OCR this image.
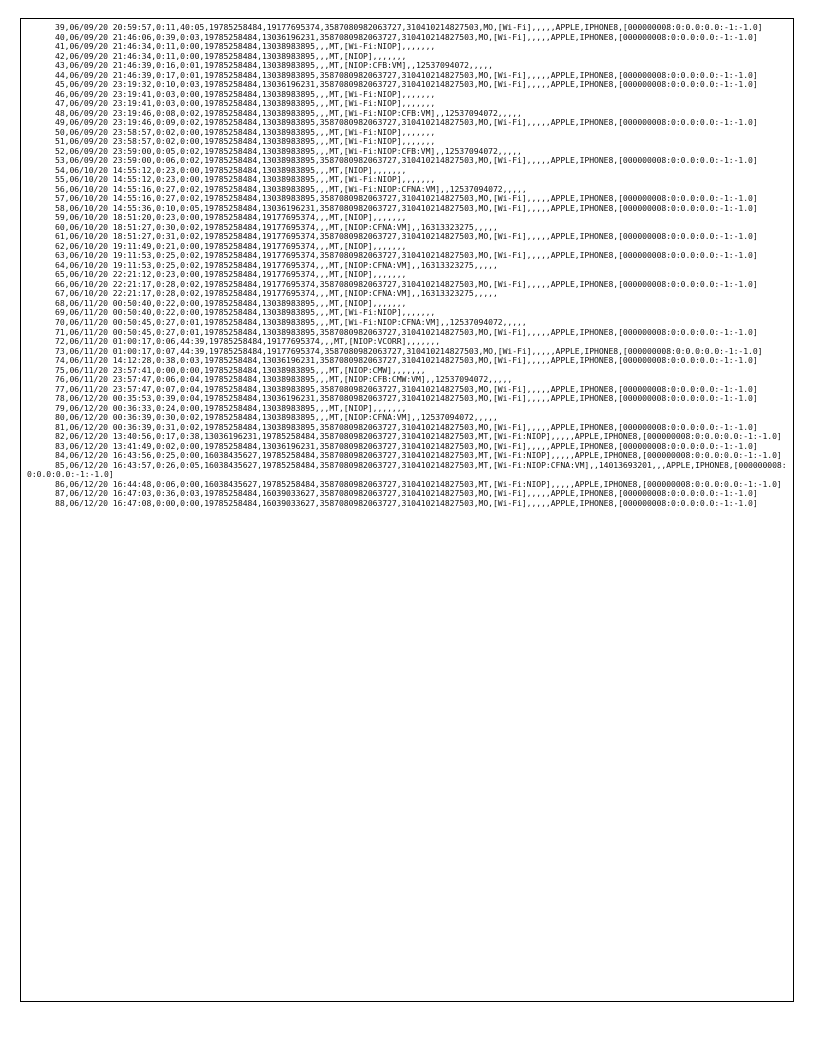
39,06/09/20 20:59:57,0:11,40:05,19785258484,19177695374,3587080982063727,310410214827503,MO,[Wi-Fi],,,,,APPLE,IPHONE8,[000000008:0:0.0:0.0:-1:-1.0]
40,06/09/20 21:46:06,0:39,0:03,19785258484,13036196231,3587080982063727,310410214827503,MO,[Wi-Fi],,,,,APPLE,IPHONE8,[000000008:0:0.0:0.0:-1:-1.0]
41,06/09/20 21:46:34,0:11,0:00,19785258484,13038983895,,,MT,[Wi-Fi:NIOP],,,,,,,
42,06/09/20 21:46:34,0:11,0:00,19785258484,13038983895,,,MT,[NIOP],,,,,,,
43,06/09/20 21:46:39,0:16,0:01,19785258484,13038983895,,,MT,[NIOP:CFB:VM],,12537094072,,,,,
44,06/09/20 21:46:39,0:17,0:01,19785258484,13038983895,3587080982063727,310410214827503,MO,[Wi-Fi],,,,,APPLE,IPHONE8,[000000008:0:0.0:0.0:-1:-1.0]
45,06/09/20 23:19:32,0:10,0:03,19785258484,13036196231,3587080982063727,310410214827503,MO,[Wi-Fi],,,,,APPLE,IPHONE8,[000000008:0:0.0:0.0:-1:-1.0]
46,06/09/20 23:19:41,0:03,0:00,19785258484,13038983895,,,MT,[Wi-Fi:NIOP],,,,,,,
47,06/09/20 23:19:41,0:03,0:00,19785258484,13038983895,,,MT,[Wi-Fi:NIOP],,,,,,,
48,06/09/20 23:19:46,0:08,0:02,19785258484,13038983895,,,MT,[Wi-Fi:NIOP:CFB:VM],,12537094072,,,,,
49,06/09/20 23:19:46,0:09,0:02,19785258484,13038983895,3587080982063727,310410214827503,MO,[Wi-Fi],,,,,APPLE,IPHONE8,[000000008:0:0.0:0.0:-1:-1.0]
50,06/09/20 23:58:57,0:02,0:00,19785258484,13038983895,,,MT,[Wi-Fi:NIOP],,,,,,,
51,06/09/20 23:58:57,0:02,0:00,19785258484,13038983895,,,MT,[Wi-Fi:NIOP],,,,,,,
52,06/09/20 23:59:00,0:05,0:02,19785258484,13038983895,,,MT,[Wi-Fi:NIOP:CFB:VM],,12537094072,,,,,
53,06/09/20 23:59:00,0:06,0:02,19785258484,13038983895,3587080982063727,310410214827503,MO,[Wi-Fi],,,,,APPLE,IPHONE8,[000000008:0:0.0:0.0:-1:-1.0]
54,06/10/20 14:55:12,0:23,0:00,19785258484,13038983895,,,MT,[NIOP],,,,,,,
55,06/10/20 14:55:12,0:23,0:00,19785258484,13038983895,,,MT,[Wi-Fi:NIOP],,,,,,,
56,06/10/20 14:55:16,0:27,0:02,19785258484,13038983895,,,MT,[Wi-Fi:NIOP:CFNA:VM],,12537094072,,,,,
57,06/10/20 14:55:16,0:27,0:02,19785258484,13038983895,3587080982063727,310410214827503,MO,[Wi-Fi],,,,,APPLE,IPHONE8,[000000008:0:0.0:0.0:-1:-1.0]
58,06/10/20 14:55:36,0:10,0:05,19785258484,13036196231,3587080982063727,310410214827503,MO,[Wi-Fi],,,,,APPLE,IPHONE8,[000000008:0:0.0:0.0:-1:-1.0]
59,06/10/20 18:51:20,0:23,0:00,19785258484,19177695374,,,MT,[NIOP],,,,,,,
60,06/10/20 18:51:27,0:30,0:02,19785258484,19177695374,,,MT,[NIOP:CFNA:VM],,16313323275,,,,,
61,06/10/20 18:51:27,0:31,0:02,19785258484,19177695374,3587080982063727,310410214827503,MO,[Wi-Fi],,,,,APPLE,IPHONE8,[000000008:0:0.0:0.0:-1:-1.0]
62,06/10/20 19:11:49,0:21,0:00,19785258484,19177695374,,,MT,[NIOP],,,,,,,
63,06/10/20 19:11:53,0:25,0:02,19785258484,19177695374,3587080982063727,310410214827503,MO,[Wi-Fi],,,,,APPLE,IPHONE8,[000000008:0:0.0:0.0:-1:-1.0]
64,06/10/20 19:11:53,0:25,0:02,19785258484,19177695374,,,MT,[NIOP:CFNA:VM],,16313323275,,,,,
65,06/10/20 22:21:12,0:23,0:00,19785258484,19177695374,,,MT,[NIOP],,,,,,,
66,06/10/20 22:21:17,0:28,0:02,19785258484,19177695374,3587080982063727,310410214827503,MO,[Wi-Fi],,,,,APPLE,IPHONE8,[000000008:0:0.0:0.0:-1:-1.0]
67,06/10/20 22:21:17,0:28,0:02,19785258484,19177695374,,,MT,[NIOP:CFNA:VM],,16313323275,,,,,
68,06/11/20 00:50:40,0:22,0:00,19785258484,13038983895,,,MT,[NIOP],,,,,,,
69,06/11/20 00:50:40,0:22,0:00,19785258484,13038983895,,,MT,[Wi-Fi:NIOP],,,,,,,
70,06/11/20 00:50:45,0:27,0:01,19785258484,13038983895,,,MT,[Wi-Fi:NIOP:CFNA:VM],,12537094072,,,,,
71,06/11/20 00:50:45,0:27,0:01,19785258484,13038983895,3587080982063727,310410214827503,MO,[Wi-Fi],,,,,APPLE,IPHONE8,[000000008:0:0.0:0.0:-1:-1.0]
72,06/11/20 01:00:17,0:06,44:39,19785258484,19177695374,,,MT,[NIOP:VCORR],,,,,,,
73,06/11/20 01:00:17,0:07,44:39,19785258484,19177695374,3587080982063727,310410214827503,MO,[Wi-Fi],,,,,APPLE,IPHONE8,[000000008:0:0.0:0.0:-1:-1.0]
74,06/11/20 14:12:28,0:38,0:03,19785258484,13036196231,3587080982063727,310410214827503,MO,[Wi-Fi],,,,,APPLE,IPHONE8,[000000008:0:0.0:0.0:-1:-1.0]
75,06/11/20 23:57:41,0:00,0:00,19785258484,13038983895,,,MT,[NIOP:CMW],,,,,,,
76,06/11/20 23:57:47,0:06,0:04,19785258484,13038983895,,,MT,[NIOP:CFB:CMW:VM],,12537094072,,,,,
77,06/11/20 23:57:47,0:07,0:04,19785258484,13038983895,3587080982063727,310410214827503,MO,[Wi-Fi],,,,,APPLE,IPHONE8,[000000008:0:0.0:0.0:-1:-1.0]
78,06/12/20 00:35:53,0:39,0:04,19785258484,13036196231,3587080982063727,310410214827503,MO,[Wi-Fi],,,,,APPLE,IPHONE8,[000000008:0:0.0:0.0:-1:-1.0]
79,06/12/20 00:36:33,0:24,0:00,19785258484,13038983895,,,MT,[NIOP],,,,,,,
80,06/12/20 00:36:39,0:30,0:02,19785258484,13038983895,,,MT,[NIOP:CFNA:VM],,12537094072,,,,,
81,06/12/20 00:36:39,0:31,0:02,19785258484,13038983895,3587080982063727,310410214827503,MO,[Wi-Fi],,,,,APPLE,IPHONE8,[000000008:0:0.0:0.0:-1:-1.0]
82,06/12/20 13:40:56,0:17,0:38,13036196231,19785258484,3587080982063727,310410214827503,MT,[Wi-Fi:NIOP],,,,,APPLE,IPHONE8,[000000008:0:0.0:0.0:-1:-1.0]
83,06/12/20 13:41:49,0:02,0:00,19785258484,13036196231,3587080982063727,310410214827503,MO,[Wi-Fi],,,,,APPLE,IPHONE8,[000000008:0:0.0:0.0:-1:-1.0]
84,06/12/20 16:43:56,0:25,0:00,16038435627,19785258484,3587080982063727,310410214827503,MT,[Wi-Fi:NIOP],,,,,APPLE,IPHONE8,[000000008:0:0.0:0.0:-1:-1.0]
85,06/12/20 16:43:57,0:26,0:05,16038435627,19785258484,3587080982063727,310410214827503,MT,[Wi-Fi:NIOP:CFNA:VM],,14013693201,,,APPLE,IPHONE8,[000000008:0:0.0:0.0:-1:-1.0]
86,06/12/20 16:44:48,0:06,0:00,16038435627,19785258484,3587080982063727,310410214827503,MT,[Wi-Fi:NIOP],,,,,APPLE,IPHONE8,[000000008:0:0.0:0.0:-1:-1.0]
87,06/12/20 16:47:03,0:36,0:03,19785258484,16039033627,3587080982063727,310410214827503,MO,[Wi-Fi],,,,,APPLE,IPHONE8,[000000008:0:0.0:0.0:-1:-1.0]
88,06/12/20 16:47:08,0:00,0:00,19785258484,16039033627,3587080982063727,310410214827503,MO,[Wi-Fi],,,,,APPLE,IPHONE8,[000000008:0:0.0:0.0:-1:-1.0]
